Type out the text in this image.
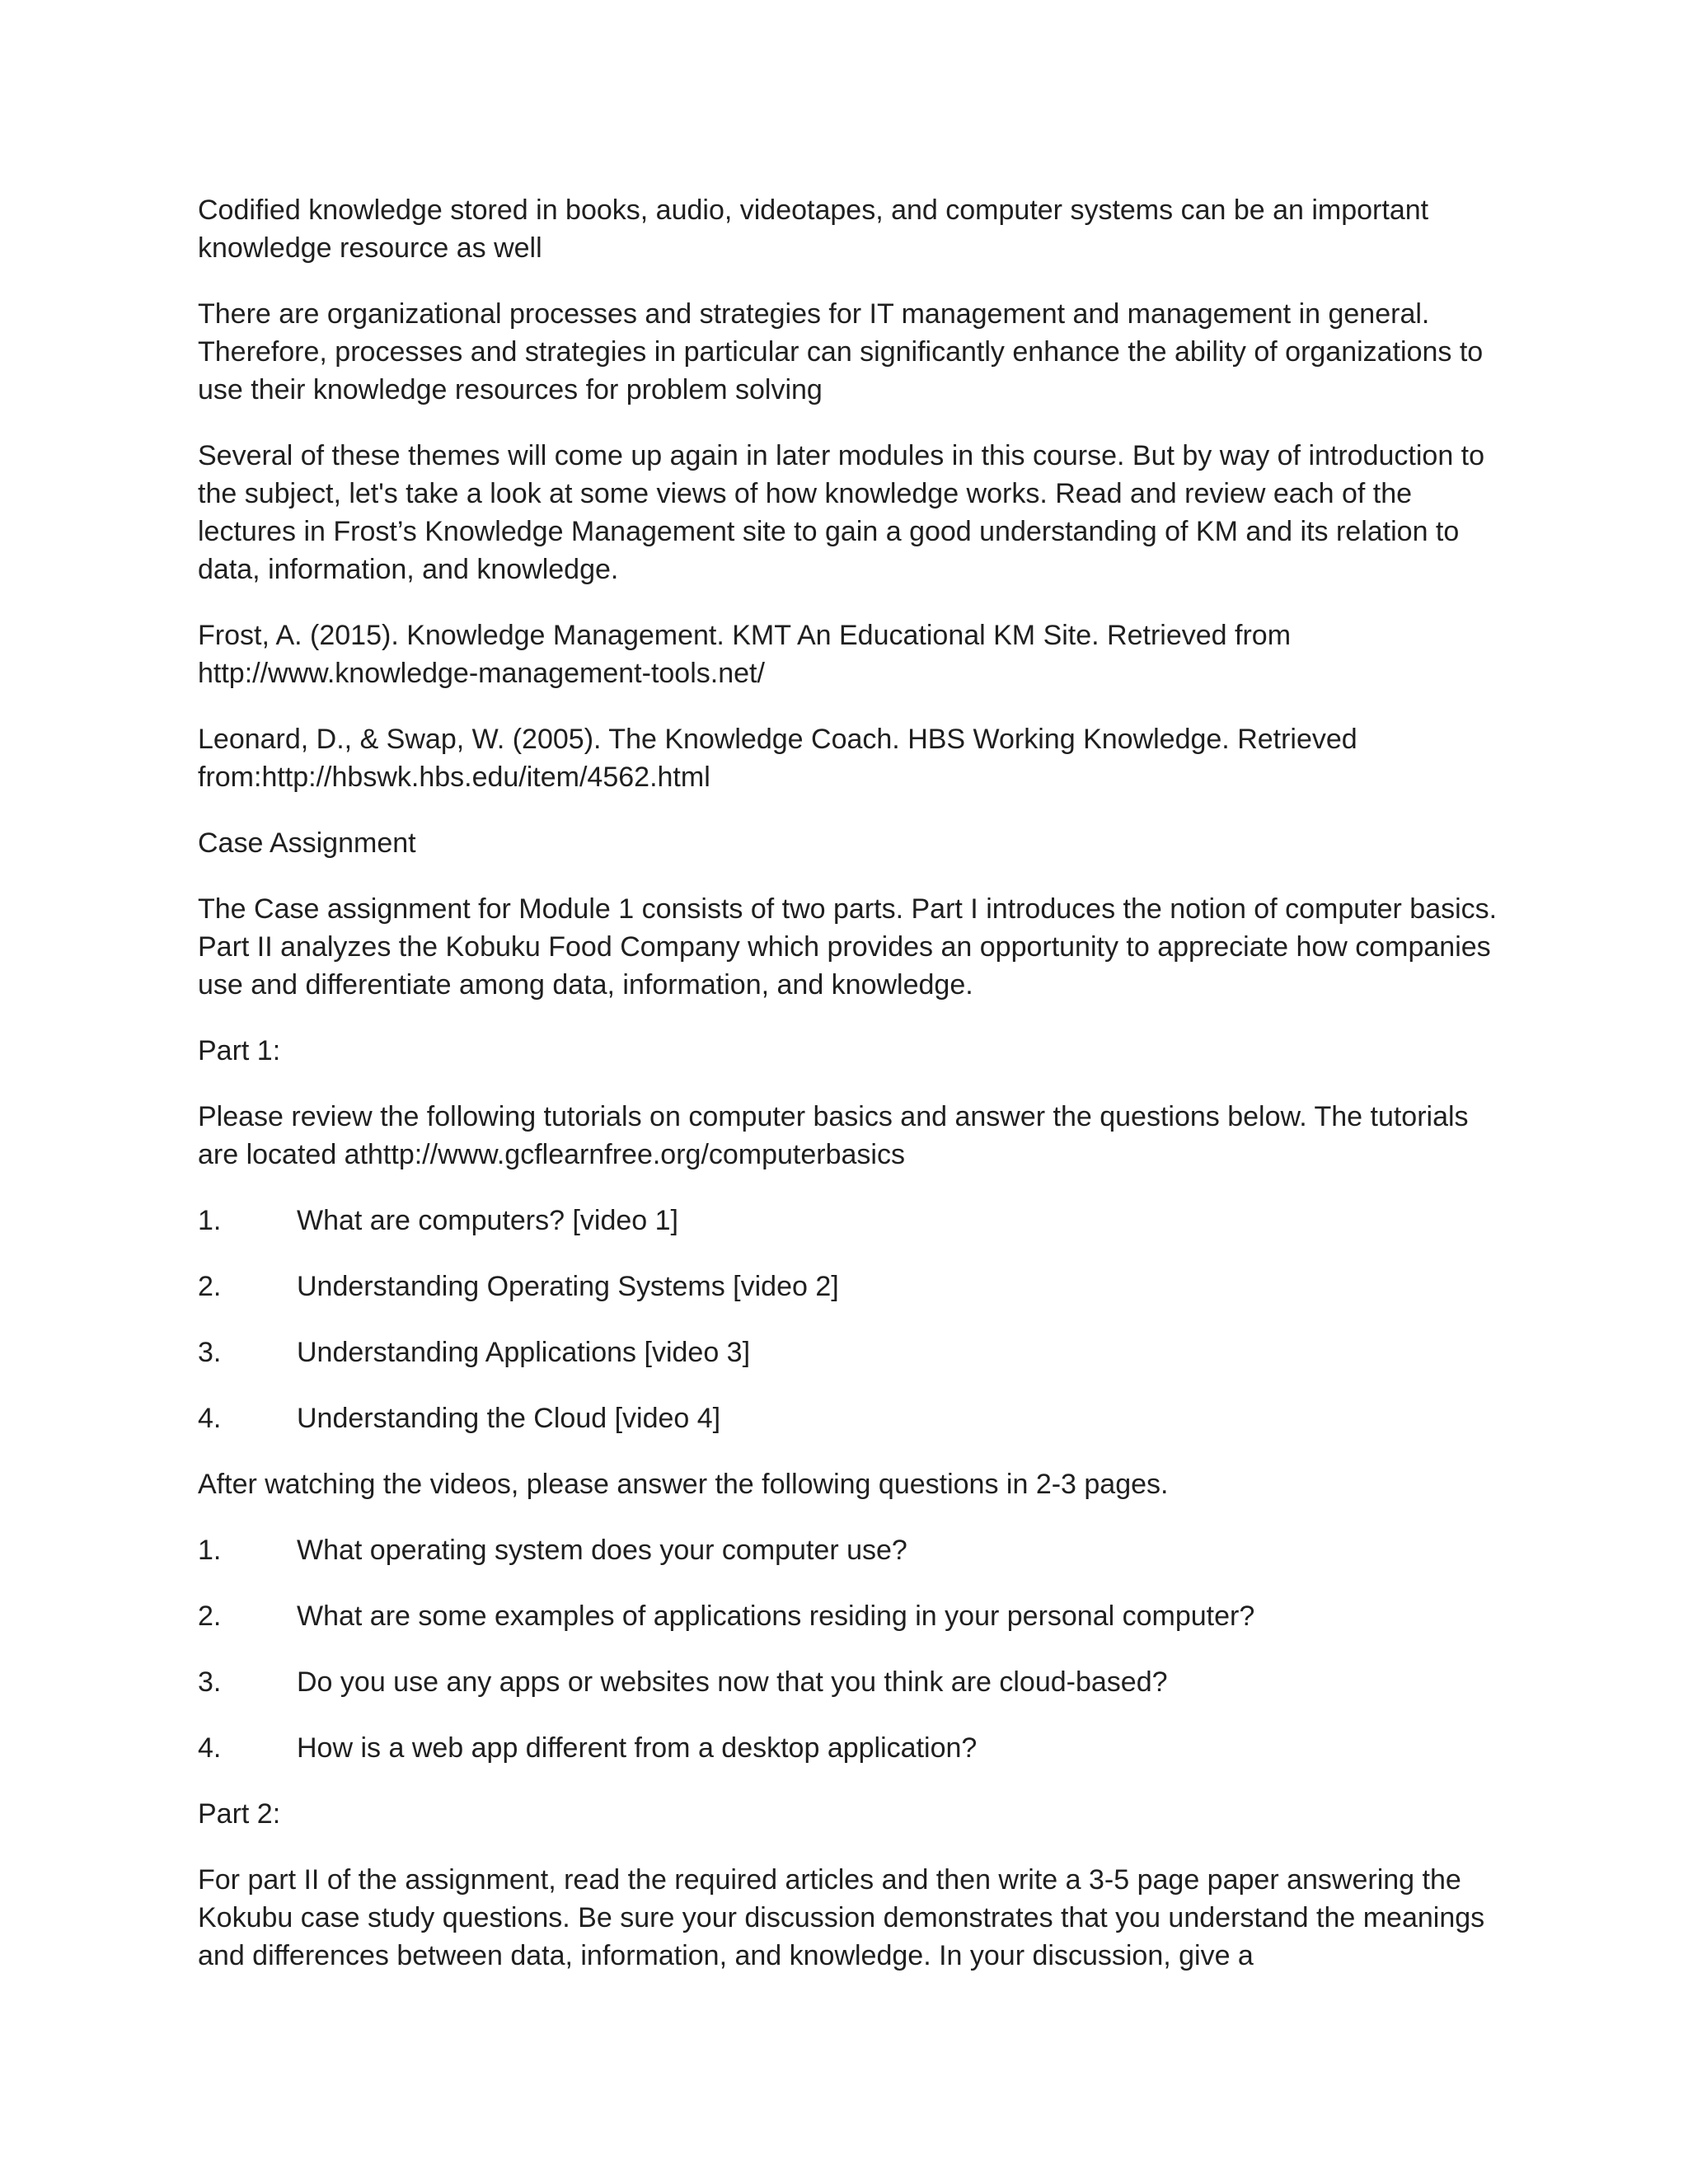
Codified knowledge stored in books, audio, videotapes, and computer systems can be an important knowledge resource as well

There are organizational processes and strategies for IT management and management in general. Therefore, processes and strategies in particular can significantly enhance the ability of organizations to use their knowledge resources for problem solving

Several of these themes will come up again in later modules in this course. But by way of introduction to the subject, let's take a look at some views of how knowledge works. Read and review each of the lectures in Frost’s Knowledge Management site to gain a good understanding of KM and its relation to data, information, and knowledge.

Frost, A. (2015). Knowledge Management. KMT An Educational KM Site. Retrieved from http://www.knowledge-management-tools.net/

Leonard, D., & Swap, W. (2005). The Knowledge Coach. HBS Working Knowledge. Retrieved from:http://hbswk.hbs.edu/item/4562.html

Case Assignment

The Case assignment for Module 1 consists of two parts. Part I introduces the notion of computer basics. Part II analyzes the Kobuku Food Company which provides an opportunity to appreciate how companies use and differentiate among data, information, and knowledge.

Part 1:

Please review the following tutorials on computer basics and answer the questions below. The tutorials are located athttp://www.gcflearnfree.org/computerbasics

1.	What are computers? [video 1]
2.	Understanding Operating Systems [video 2]
3.	Understanding Applications [video 3]
4.	Understanding the Cloud [video 4]

After watching the videos, please answer the following questions in 2-3 pages.

1.	What operating system does your computer use?
2.	What are some examples of applications residing in your personal computer?
3.	Do you use any apps or websites now that you think are cloud-based?
4.	How is a web app different from a desktop application?

Part 2:

For part II of the assignment, read the required articles and then write a 3-5 page paper answering the Kokubu case study questions. Be sure your discussion demonstrates that you understand the meanings and differences between data, information, and knowledge. In your discussion, give a
